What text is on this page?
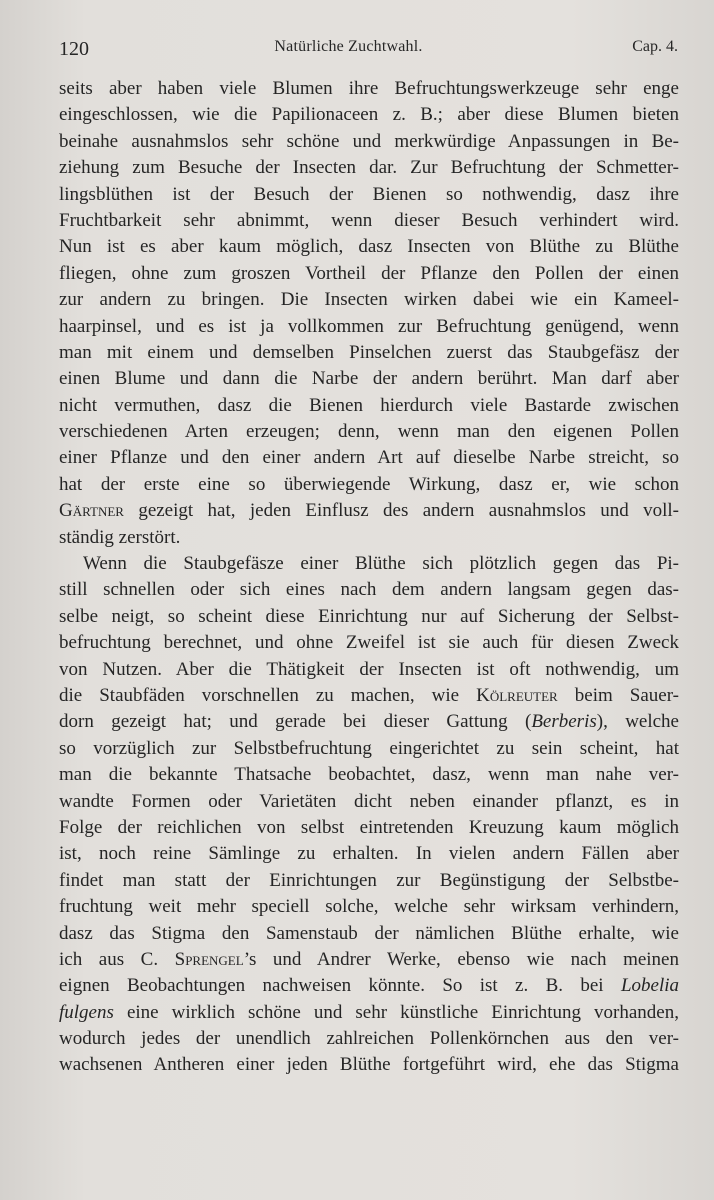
120	Natürliche Zuchtwahl.	Cap. 4.
seits aber haben viele Blumen ihre Befruchtungswerkzeuge sehr enge
eingeschlossen, wie die Papilionaceen z. B.; aber diese Blumen bieten
beinahe ausnahmslos sehr schöne und merkwürdige Anpassungen in Be-
ziehung zum Besuche der Insecten dar. Zur Befruchtung der Schmetter-
lingsblüthen ist der Besuch der Bienen so nothwendig, dasz ihre
Fruchtbarkeit sehr abnimmt, wenn dieser Besuch verhindert wird.
Nun ist es aber kaum möglich, dasz Insecten von Blüthe zu Blüthe
fliegen, ohne zum groszen Vortheil der Pflanze den Pollen der einen
zur andern zu bringen. Die Insecten wirken dabei wie ein Kameel-
haarpinsel, und es ist ja vollkommen zur Befruchtung genügend, wenn
man mit einem und demselben Pinselchen zuerst das Staubgefäsz der
einen Blume und dann die Narbe der andern berührt. Man darf aber
nicht vermuthen, dasz die Bienen hierdurch viele Bastarde zwischen
verschiedenen Arten erzeugen; denn, wenn man den eigenen Pollen
einer Pflanze und den einer andern Art auf dieselbe Narbe streicht, so
hat der erste eine so überwiegende Wirkung, dasz er, wie schon
Gärtner gezeigt hat, jeden Einflusz des andern ausnahmslos und voll-
ständig zerstört.
Wenn die Staubgefäsze einer Blüthe sich plötzlich gegen das Pi-
still schnellen oder sich eines nach dem andern langsam gegen das-
selbe neigt, so scheint diese Einrichtung nur auf Sicherung der Selbst-
befruchtung berechnet, und ohne Zweifel ist sie auch für diesen Zweck
von Nutzen. Aber die Thätigkeit der Insecten ist oft nothwendig, um
die Staubfäden vorschnellen zu machen, wie Kölreuter beim Sauer-
dorn gezeigt hat; und gerade bei dieser Gattung (Berberis), welche
so vorzüglich zur Selbstbefruchtung eingerichtet zu sein scheint, hat
man die bekannte Thatsache beobachtet, dasz, wenn man nahe ver-
wandte Formen oder Varietäten dicht neben einander pflanzt, es in
Folge der reichlichen von selbst eintretenden Kreuzung kaum möglich
ist, noch reine Sämlinge zu erhalten. In vielen andern Fällen aber
findet man statt der Einrichtungen zur Begünstigung der Selbstbe-
fruchtung weit mehr speciell solche, welche sehr wirksam verhindern,
dasz das Stigma den Samenstaub der nämlichen Blüthe erhalte, wie
ich aus C. Sprengel’s und Andrer Werke, ebenso wie nach meinen
eignen Beobachtungen nachweisen könnte. So ist z. B. bei Lobelia
fulgens eine wirklich schöne und sehr künstliche Einrichtung vorhanden,
wodurch jedes der unendlich zahlreichen Pollenkörnchen aus den ver-
wachsenen Antheren einer jeden Blüthe fortgeführt wird, ehe das Stigma
